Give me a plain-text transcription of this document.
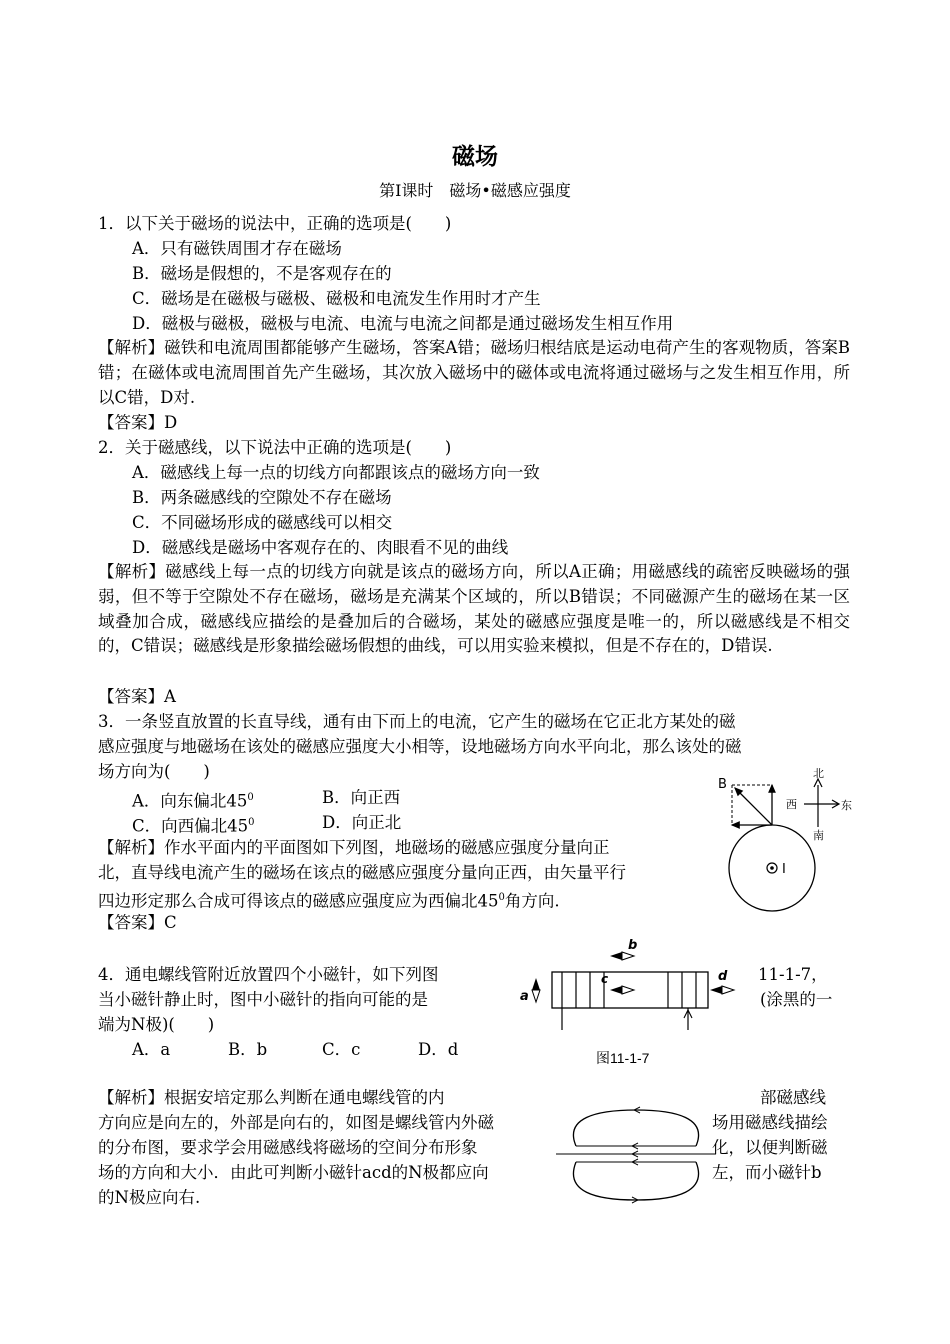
磁场
第Ⅰ课时　磁场•磁感应强度
1．以下关于磁场的说法中，正确的选项是(　　)
A．只有磁铁周围才存在磁场
B．磁场是假想的，不是客观存在的
C．磁场是在磁极与磁极、磁极和电流发生作用时才产生
D．磁极与磁极，磁极与电流、电流与电流之间都是通过磁场发生相互作用
【解析】磁铁和电流周围都能够产生磁场，答案A错；磁场归根结底是运动电荷产生的客观物质，答案B错；在磁体或电流周围首先产生磁场，其次放入磁场中的磁体或电流将通过磁场与之发生相互作用，所以C错，D对.
【答案】D
2．关于磁感线，以下说法中正确的选项是(　　)
A．磁感线上每一点的切线方向都跟该点的磁场方向一致
B．两条磁感线的空隙处不存在磁场
C．不同磁场形成的磁感线可以相交
D．磁感线是磁场中客观存在的、肉眼看不见的曲线
【解析】磁感线上每一点的切线方向就是该点的磁场方向，所以A正确；用磁感线的疏密反映磁场的强弱，但不等于空隙处不存在磁场，磁场是充满某个区域的，所以B错误；不同磁源产生的磁场在某一区域叠加合成，磁感线应描绘的是叠加后的合磁场，某处的磁感应强度是唯一的，所以磁感线是不相交的，C错误；磁感线是形象描绘磁场假想的曲线，可以用实验来模拟，但是不存在的，D错误.
【答案】A
3．一条竖直放置的长直导线，通有由下而上的电流，它产生的磁场在它正北方某处的磁
感应强度与地磁场在该处的磁感应强度大小相等，设地磁场方向水平向北，那么该处的磁
场方向为(　　)
A．向东偏北$45^0$	B．向正西
C．向西偏北$45^0$	D．向正北
【解析】作水平面内的平面图如下列图，地磁场的磁感应强度分量向正
北，直导线电流产生的磁场在该点的磁感应强度分量向正西，由矢量平行
四边形定那么合成可得该点的磁感应强度应为西偏北$45^0$角方向.
【答案】C
I
B
北
西	东
南
4．通电螺线管附近放置四个小磁针，如下列图
当小磁针静止时，图中小磁针的指向可能的是
端为N极)(　　)
11-1-7，
(涂黑的一
A．a	B．b	C．c	D．d
a
b
c	d
图11-1-7
【解析】根据安培定那么判断在通电螺线管的内
方向应是向左的，外部是向右的，如图是螺线管内外磁
的分布图，要求学会用磁感线将磁场的空间分布形象
场的方向和大小．由此可判断小磁针acd的N极都应向
的N极应向右.
部磁感线
场用磁感线描绘
化，以便判断磁
左，而小磁针b
